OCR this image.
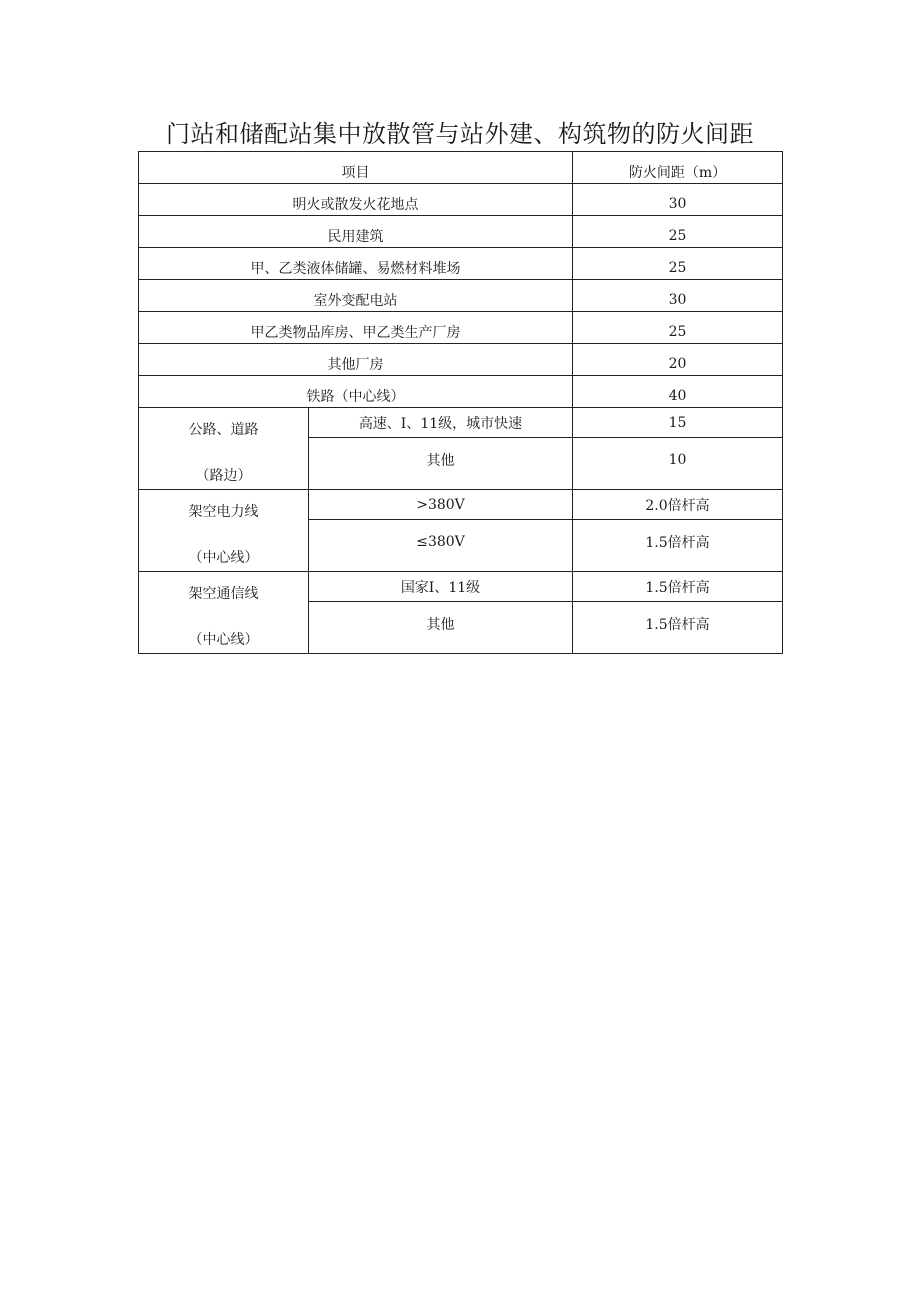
门站和储配站集中放散管与站外建、构筑物的防火间距
项目		防火间距（m）
明火或散发火花地点		30
民用建筑		25
甲、乙类液体储罐、易燃材料堆场		25
室外变配电站		30
甲乙类物品库房、甲乙类生产厂房		25
其他厂房		20
铁路（中心线）		40

公路、道路
（路边）	高速、I、11级，城市快速	15
	其他	10

架空电力线
（中心线）	>380V	2.0倍杆高
	≤380V	1.5倍杆高

架空通信线
（中心线）	国家I、11级	1.5倍杆高
	其他	1.5倍杆高
